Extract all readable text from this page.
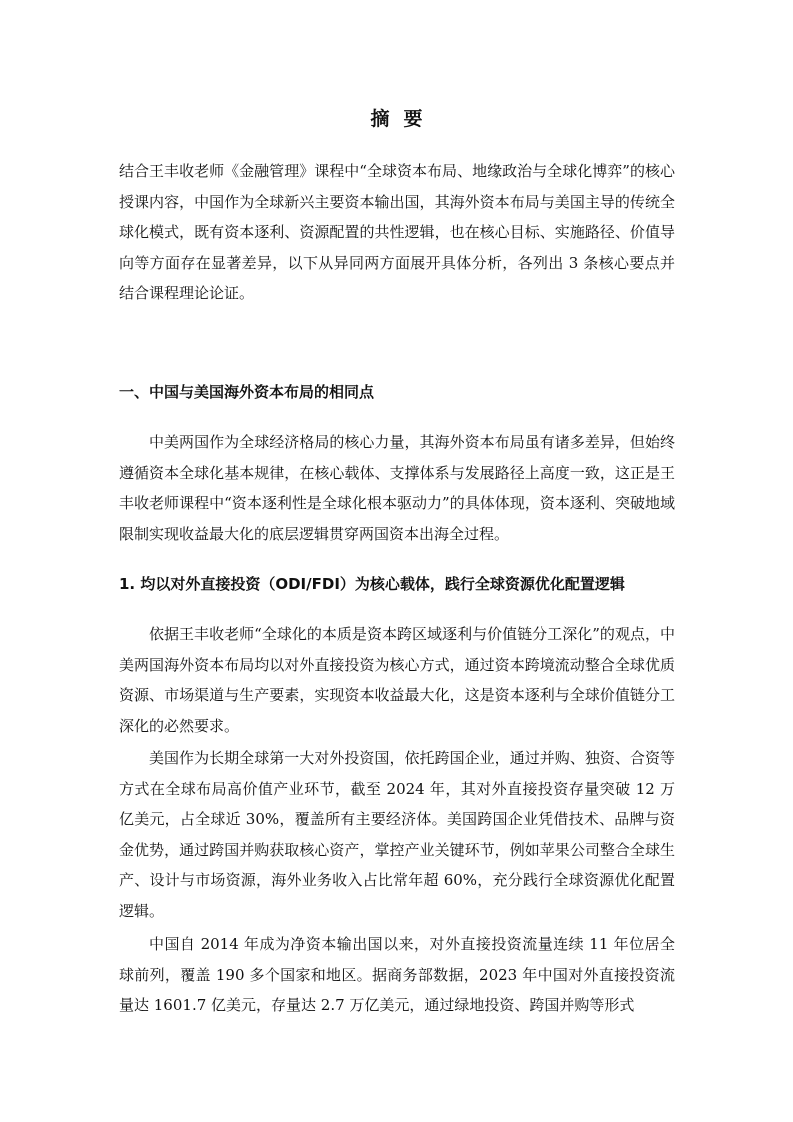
摘要

结合王丰收老师《金融管理》课程中“全球资本布局、地缘政治与全球化博弈”的核心授课内容，中国作为全球新兴主要资本输出国，其海外资本布局与美国主导的传统全球化模式，既有资本逐利、资源配置的共性逻辑，也在核心目标、实施路径、价值导向等方面存在显著差异，以下从异同两方面展开具体分析，各列出 3 条核心要点并结合课程理论论证。

一、中国与美国海外资本布局的相同点

中美两国作为全球经济格局的核心力量，其海外资本布局虽有诸多差异，但始终遵循资本全球化基本规律，在核心载体、支撑体系与发展路径上高度一致，这正是王丰收老师课程中“资本逐利性是全球化根本驱动力”的具体体现，资本逐利、突破地域限制实现收益最大化的底层逻辑贯穿两国资本出海全过程。

1. 均以对外直接投资（ODI/FDI）为核心载体，践行全球资源优化配置逻辑

依据王丰收老师“全球化的本质是资本跨区域逐利与价值链分工深化”的观点，中美两国海外资本布局均以对外直接投资为核心方式，通过资本跨境流动整合全球优质资源、市场渠道与生产要素，实现资本收益最大化，这是资本逐利与全球价值链分工深化的必然要求。

美国作为长期全球第一大对外投资国，依托跨国企业，通过并购、独资、合资等方式在全球布局高价值产业环节，截至 2024 年，其对外直接投资存量突破 12 万亿美元，占全球近 30%，覆盖所有主要经济体。美国跨国企业凭借技术、品牌与资金优势，通过跨国并购获取核心资产，掌控产业关键环节，例如苹果公司整合全球生产、设计与市场资源，海外业务收入占比常年超 60%，充分践行全球资源优化配置逻辑。

中国自 2014 年成为净资本输出国以来，对外直接投资流量连续 11 年位居全球前列，覆盖 190 多个国家和地区。据商务部数据，2023 年中国对外直接投资流量达 1601.7 亿美元，存量达 2.7 万亿美元，通过绿地投资、跨国并购等形式
